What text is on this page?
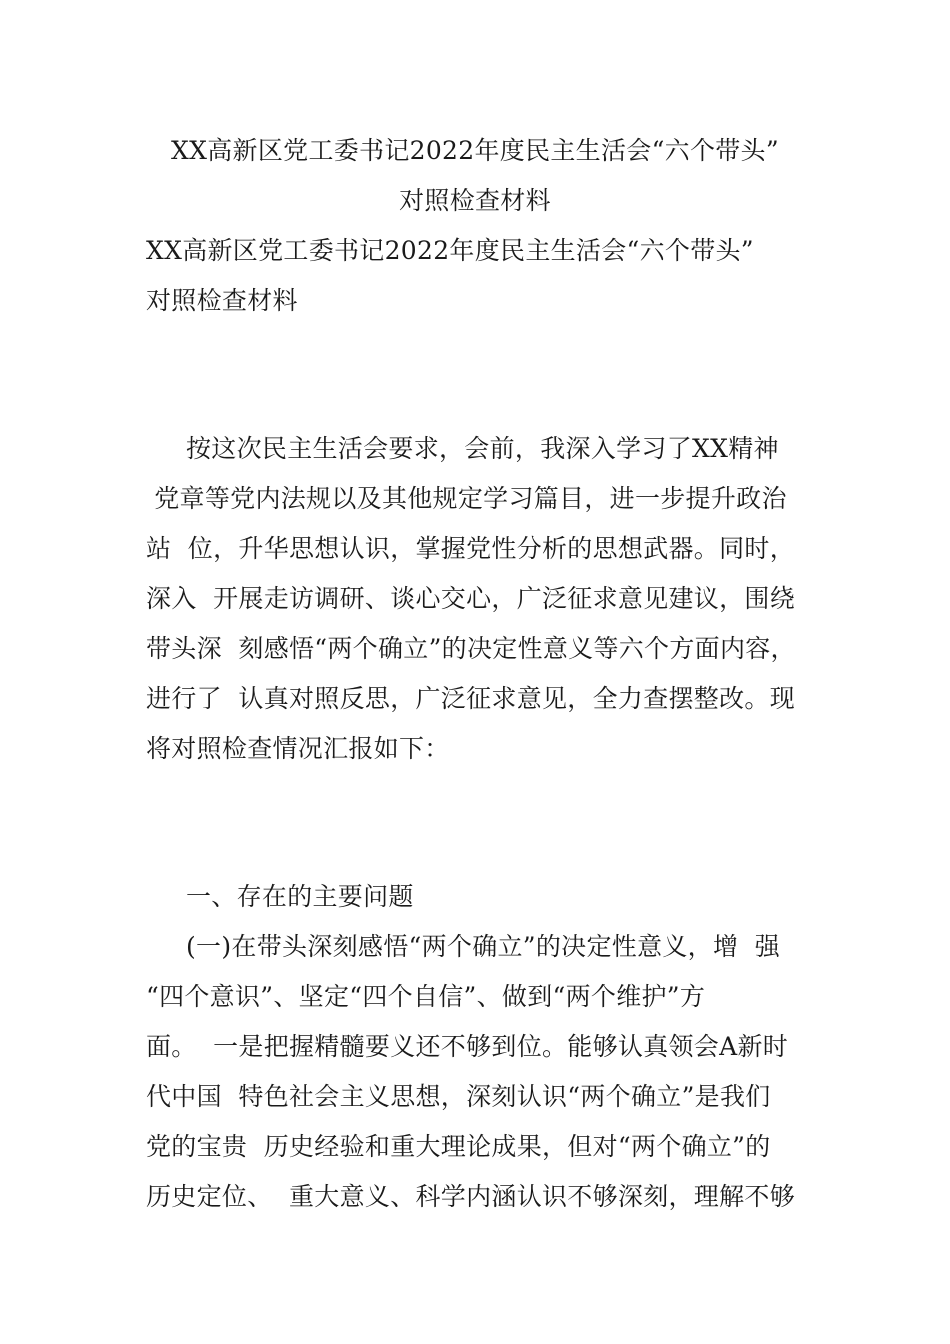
XX高新区党工委书记2022年度民主生活会“六个带头”
对照检查材料
XX高新区党工委书记2022年度民主生活会“六个带头”
对照检查材料
按这次民主生活会要求，会前，我深入学习了XX精神
党章等党内法规以及其他规定学习篇目，进一步提升政治
站  位，升华思想认识，掌握党性分析的思想武器。同时，
深入  开展走访调研、谈心交心，广泛征求意见建议，围绕
带头深  刻感悟“两个确立”的决定性意义等六个方面内容，
进行了  认真对照反思，广泛征求意见，全力查摆整改。现
将对照检查情况汇报如下：
一、存在的主要问题
(一)在带头深刻感悟“两个确立”的决定性意义，增  强
“四个意识”、坚定“四个自信”、做到“两个维护”方
面。  一是把握精髓要义还不够到位。能够认真领会A新时
代中国  特色社会主义思想，深刻认识“两个确立”是我们
党的宝贵  历史经验和重大理论成果，但对“两个确立”的
历史定位、  重大意义、科学内涵认识不够深刻，理解不够
